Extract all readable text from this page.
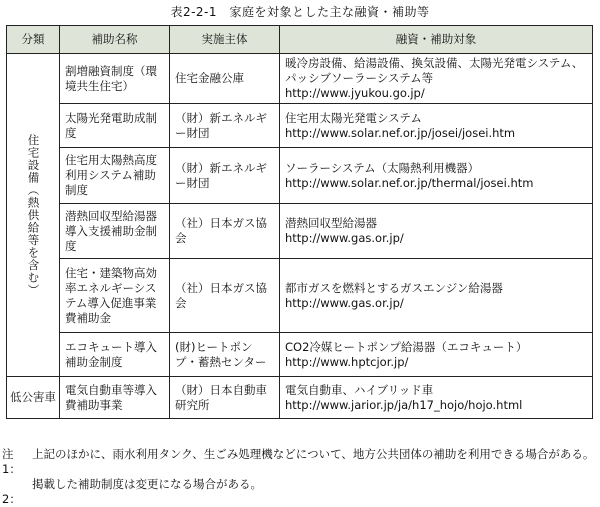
表2-2-1　家庭を対象とした主な融資・補助等
分類	補助名称	実施主体	融資・補助対象

住宅設備（熱供給等を含む）	割増融資制度（環境共生住宅）	住宅金融公庫	暖冷房設備、給湯設備、換気設備、太陽光発電システム、パッシブソーラーシステム等
http://www.jyukou.go.jp/

	太陽光発電助成制度	（財）新エネルギー財団	住宅用太陽光発電システム
http://www.solar.nef.or.jp/josei/josei.htm

	住宅用太陽熱高度利用システム補助制度	（財）新エネルギー財団	ソーラーシステム（太陽熱利用機器）
http://www.solar.nef.or.jp/thermal/josei.htm

	潜熱回収型給湯器導入支援補助金制度	（社）日本ガス協会	潜熱回収型給湯器
http://www.gas.or.jp/

	住宅・建築物高効率エネルギーシステム導入促進事業費補助金	（社）日本ガス協会	都市ガスを燃料とするガスエンジン給湯器
http://www.gas.or.jp/

	エコキュート導入補助金制度	(財)ヒートポンプ・蓄熱センター	CO2冷媒ヒートポンプ給湯器（エコキュート）
http://www.hptcjor.jp/

低公害車	電気自動車等導入費補助事業	（財）日本自動車研究所	電気自動車、ハイブリッド車
http://www.jarior.jp/ja/h17_hojo/hojo.html
注1：
上記のほかに、雨水利用タンク、生ごみ処理機などについて、地方公共団体の補助を利用できる場合がある。
　2：
掲載した補助制度は変更になる場合がある。
